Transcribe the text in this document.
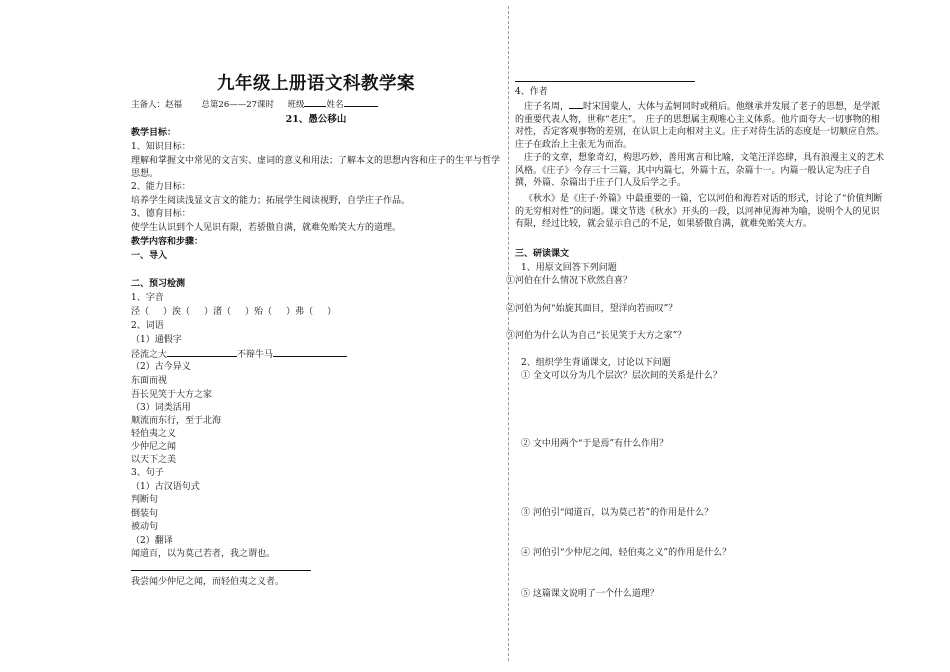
九年级上册语文科教学案
主备人：赵福 总第26——27课时 班级	姓名
21、愚公移山
教学目标：
1、知识目标：
理解和掌握文中常见的文言实、虚词的意义和用法；了解本文的思想内容和庄子的生平与哲学思想。
2、能力目标：
培养学生阅读浅显文言文的能力；拓展学生阅读视野，自学庄子作品。
3、德育目标：
使学生认识到个人见识有限，若骄傲自满，就难免贻笑大方的道理。
教学内容和步骤：
一、导入
二、预习检测
1、字音
泾（ ）涘（ ）渚（ ）殆（ ）弗（ ）
2、词语
（1）通假字
泾流之大	不辩牛马
（2）古今异义
东面而视
吾长见笑于大方之家
（3）词类活用
顺流而东行，至于北海
轻伯夷之义
少仲尼之闻
以天下之美
3、句子
（1）古汉语句式
判断句
倒装句
被动句
（2）翻译
闻道百，以为莫己若者，我之谓也。
我尝闻少仲尼之闻，而轻伯夷之义者。
4、作者
庄子名周， 时宋国蒙人，大体与孟轲同时或稍后。他继承并发展了老子的思想，是学派的重要代表人物，世称“老庄”。　庄子的思想属主观唯心主义体系。他片面夸大一切事物的相对性，否定客观事物的差别，在认识上走向相对主义。庄子对待生活的态度是一切顺应自然。庄子在政治上主张无为而治。
庄子的文章，想象奇幻，构思巧妙，善用寓言和比喻，文笔汪洋恣肆，具有浪漫主义的艺术风格。《庄子》今存三十三篇，其中内篇七，外篇十五，杂篇十一。内篇一般认定为庄子自撰，外篇、杂篇出于庄子门人及后学之手。
《秋水》是《庄子·外篇》中最重要的一篇，它以河伯和海若对话的形式，讨论了“价值判断的无穷相对性”的问题。课文节选《秋水》开头的一段，以河神见海神为喻，说明个人的见识有限，经过比较，就会显示自己的不足，如果骄傲自满，就难免贻笑大方。
三、研读课文
1、用原文回答下列问题
①河伯在什么情况下欣然自喜？
②河伯为何“始旋其面目，望洋向若而叹”？
③河伯为什么认为自己“长见笑于大方之家”？
2、组织学生背诵课文，讨论以下问题
① 全文可以分为几个层次？层次间的关系是什么？
② 文中用两个“于是焉”有什么作用？
③ 河伯引“闻道百，以为莫己若”的作用是什么？
④ 河伯引“少仲尼之闻，轻伯夷之义”的作用是什么？
⑤ 这篇课文说明了一个什么道理？
